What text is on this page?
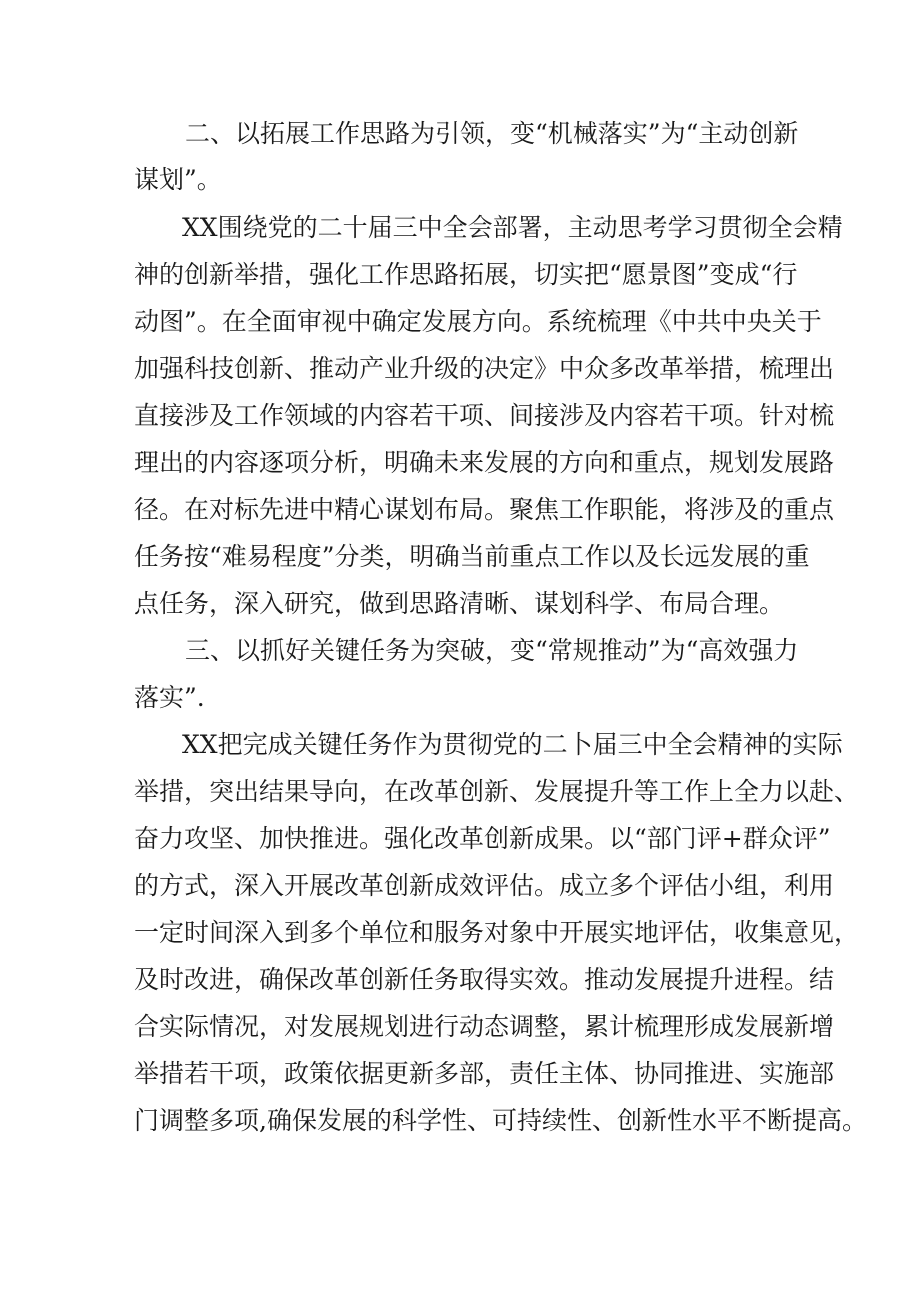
二、以拓展工作思路为引领，变“机械落实”为“主动创新
谋划”。
XX围绕党的二十届三中全会部署，主动思考学习贯彻全会精
神的创新举措，强化工作思路拓展，切实把“愿景图”变成“行
动图”。在全面审视中确定发展方向。系统梳理《中共中央关于
加强科技创新、推动产业升级的决定》中众多改革举措，梳理出
直接涉及工作领域的内容若干项、间接涉及内容若干项。针对梳
理出的内容逐项分析，明确未来发展的方向和重点，规划发展路
径。在对标先进中精心谋划布局。聚焦工作职能，将涉及的重点
任务按“难易程度”分类，明确当前重点工作以及长远发展的重
点任务，深入研究，做到思路清晰、谋划科学、布局合理。
三、以抓好关键任务为突破，变“常规推动”为“高效强力
落实”.
XX把完成关键任务作为贯彻党的二卜届三中全会精神的实际
举措，突出结果导向，在改革创新、发展提升等工作上全力以赴、
奋力攻坚、加快推进。强化改革创新成果。以“部门评+群众评”
的方式，深入开展改革创新成效评估。成立多个评估小组，利用
一定时间深入到多个单位和服务对象中开展实地评估，收集意见，
及时改进，确保改革创新任务取得实效。推动发展提升进程。结
合实际情况，对发展规划进行动态调整，累计梳理形成发展新增
举措若干项，政策依据更新多部，责任主体、协同推进、实施部
门调整多项,确保发展的科学性、可持续性、创新性水平不断提高。
